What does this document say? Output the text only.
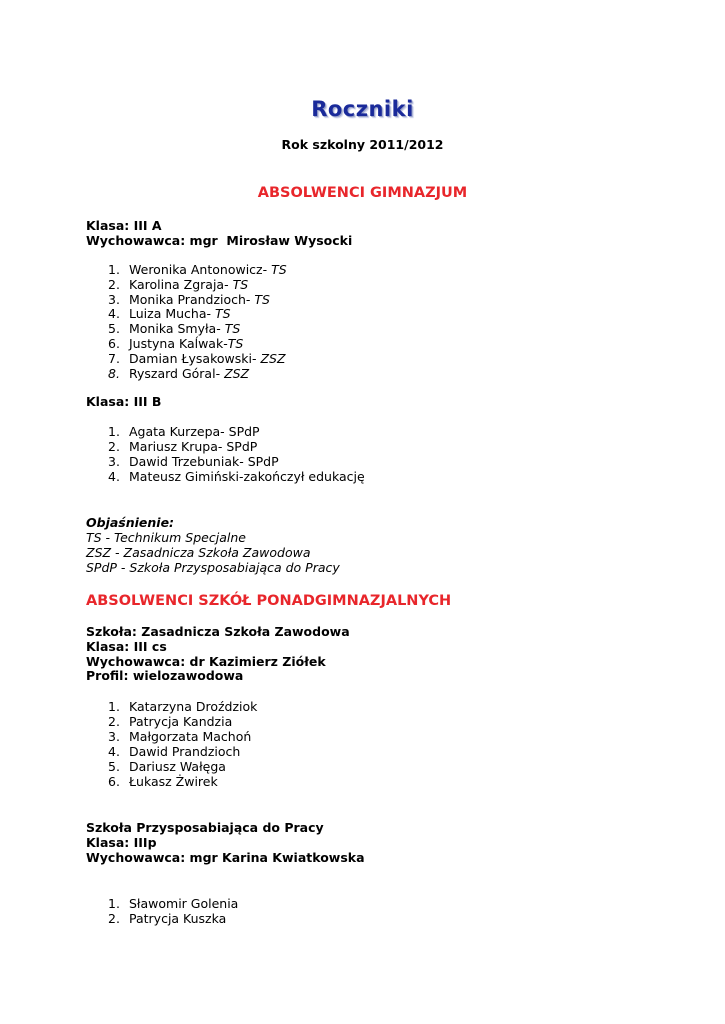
Roczniki
Rok szkolny 2011/2012
ABSOLWENCI GIMNAZJUM
Klasa: III A
Wychowawca: mgr  Mirosław Wysocki
1. Weronika Antonowicz- TS
2. Karolina Zgraja- TS
3. Monika Prandzioch- TS
4. Luiza Mucha- TS
5. Monika Smyła- TS
6. Justyna Kaĺwak-TS
7. Damian Łysakowski- ZSZ
8. Ryszard Góral- ZSZ
Klasa: III B
1. Agata Kurzepa- SPdP
2. Mariusz Krupa- SPdP
3. Dawid Trzebuniak- SPdP
4. Mateusz Gimiński-zakończył edukację
Objaśnienie:
TS - Technikum Specjalne
ZSZ - Zasadnicza Szkoła Zawodowa
SPdP - Szkoła Przysposabiająca do Pracy
ABSOLWENCI SZKÓŁ PONADGIMNAZJALNYCH
Szkoła: Zasadnicza Szkoła Zawodowa
Klasa: III cs
Wychowawca: dr Kazimierz Ziółek
Profil: wielozawodowa
1. Katarzyna Droździok
2. Patrycja Kandzia
3. Małgorzata Machoń
4. Dawid Prandzioch
5. Dariusz Wałęga
6. Łukasz Żwirek
Szkoła Przysposabiająca do Pracy
Klasa: IIIp
Wychowawca: mgr Karina Kwiatkowska
1. Sławomir Golenia
2. Patrycja Kuszka
